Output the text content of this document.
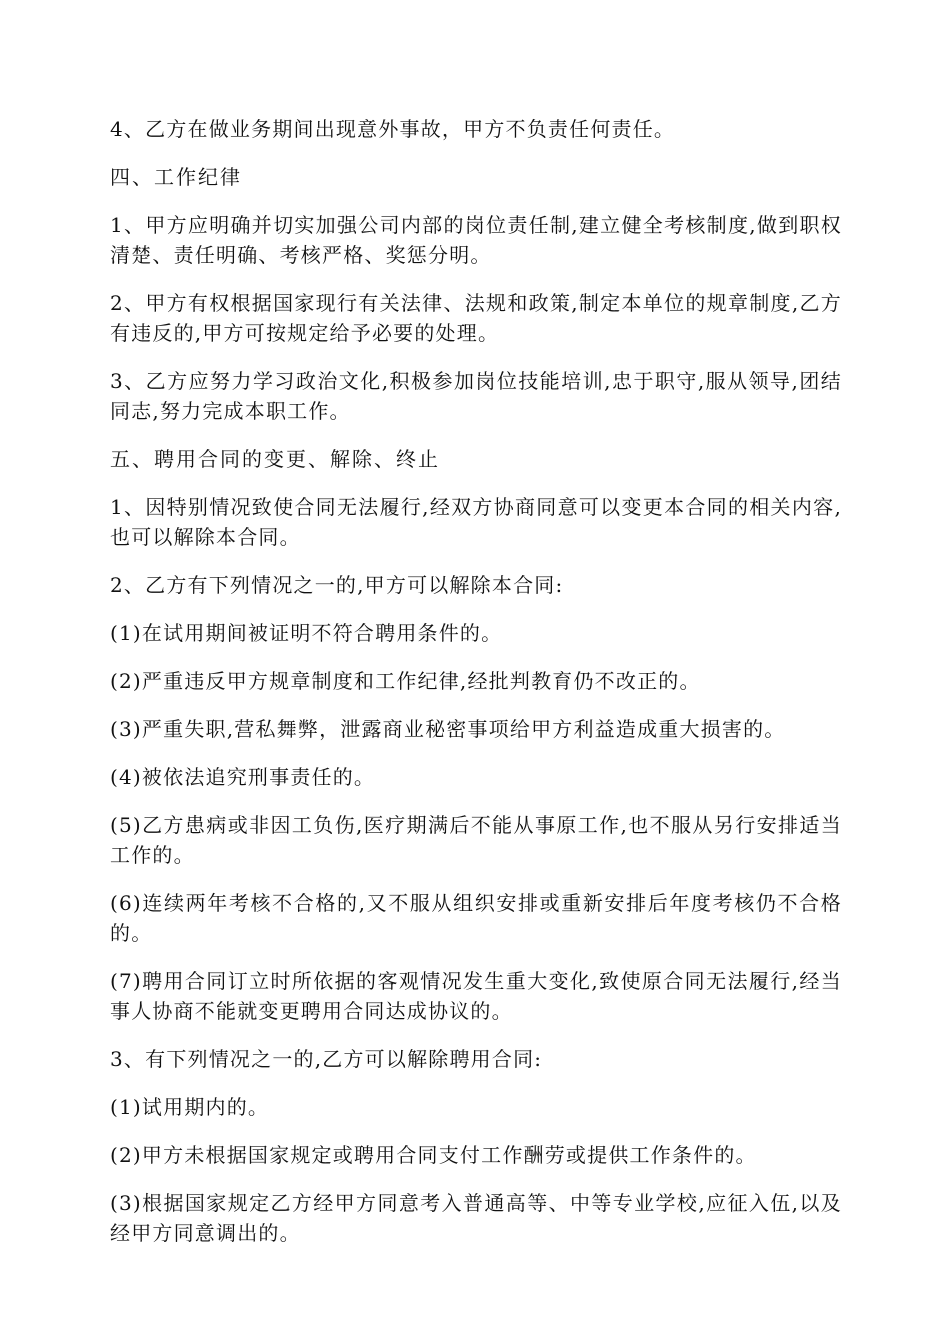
4、乙方在做业务期间出现意外事故，甲方不负责任何责任。

四、工作纪律

1、甲方应明确并切实加强公司内部的岗位责任制,建立健全考核制度,做到职权清楚、责任明确、考核严格、奖惩分明。

2、甲方有权根据国家现行有关法律、法规和政策,制定本单位的规章制度,乙方有违反的,甲方可按规定给予必要的处理。

3、乙方应努力学习政治文化,积极参加岗位技能培训,忠于职守,服从领导,团结同志,努力完成本职工作。

五、聘用合同的变更、解除、终止

1、因特别情况致使合同无法履行,经双方协商同意可以变更本合同的相关内容,也可以解除本合同。

2、乙方有下列情况之一的,甲方可以解除本合同:

(1)在试用期间被证明不符合聘用条件的。

(2)严重违反甲方规章制度和工作纪律,经批判教育仍不改正的。

(3)严重失职,营私舞弊，泄露商业秘密事项给甲方利益造成重大损害的。

(4)被依法追究刑事责任的。

(5)乙方患病或非因工负伤,医疗期满后不能从事原工作,也不服从另行安排适当工作的。

(6)连续两年考核不合格的,又不服从组织安排或重新安排后年度考核仍不合格的。

(7)聘用合同订立时所依据的客观情况发生重大变化,致使原合同无法履行,经当事人协商不能就变更聘用合同达成协议的。

3、有下列情况之一的,乙方可以解除聘用合同:

(1)试用期内的。

(2)甲方未根据国家规定或聘用合同支付工作酬劳或提供工作条件的。

(3)根据国家规定乙方经甲方同意考入普通高等、中等专业学校,应征入伍,以及经甲方同意调出的。
